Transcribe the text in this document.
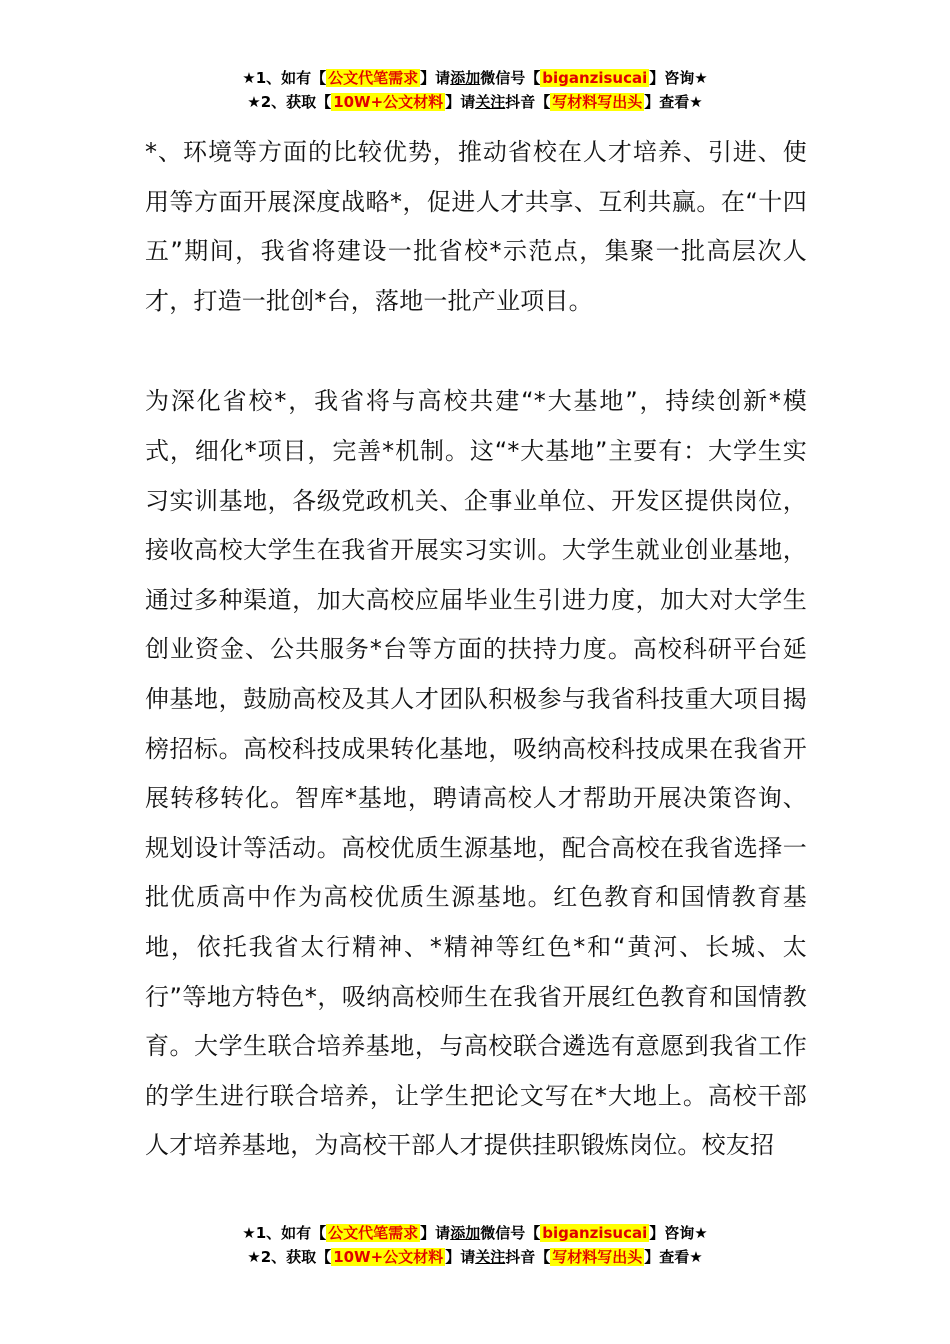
★1、如有【 公文代笔需求 】请添加微信号【 biganzisucai 】咨询★
★2、获取【 10W+公文材料 】请关注抖音【 写材料写出头 】查看★

*、环境等方面的比较优势，推动省校在人才培养、引进、使用等方面开展深度战略*，促进人才共享、互利共赢。在“十四五”期间，我省将建设一批省校*示范点，集聚一批高层次人才，打造一批创*台，落地一批产业项目。

为深化省校*，我省将与高校共建“*大基地”，持续创新*模式，细化*项目，完善*机制。这“*大基地”主要有：大学生实习实训基地，各级党政机关、企事业单位、开发区提供岗位，接收高校大学生在我省开展实习实训。大学生就业创业基地，通过多种渠道，加大高校应届毕业生引进力度，加大对大学生创业资金、公共服务*台等方面的扶持力度。高校科研平台延伸基地，鼓励高校及其人才团队积极参与我省科技重大项目揭榜招标。高校科技成果转化基地，吸纳高校科技成果在我省开展转移转化。智库*基地，聘请高校人才帮助开展决策咨询、规划设计等活动。高校优质生源基地，配合高校在我省选择一批优质高中作为高校优质生源基地。红色教育和国情教育基地，依托我省太行精神、*精神等红色*和“黄河、长城、太行”等地方特色*，吸纳高校师生在我省开展红色教育和国情教育。大学生联合培养基地，与高校联合遴选有意愿到我省工作的学生进行联合培养，让学生把论文写在*大地上。高校干部人才培养基地，为高校干部人才提供挂职锻炼岗位。校友招

★1、如有【 公文代笔需求 】请添加微信号【 biganzisucai 】咨询★
★2、获取【 10W+公文材料 】请关注抖音【 写材料写出头 】查看★
